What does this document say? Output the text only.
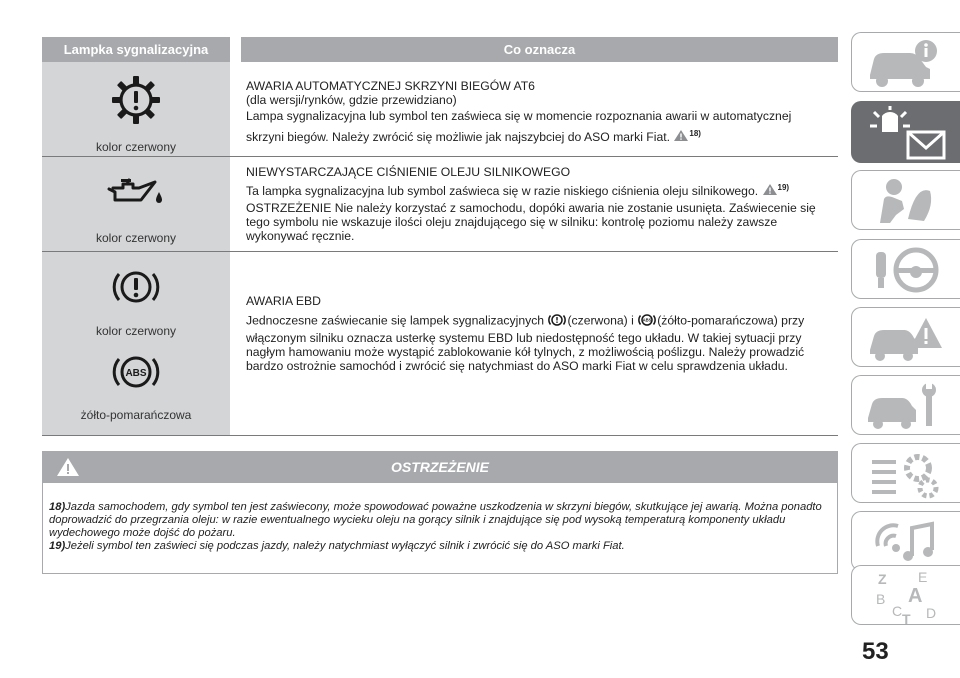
Lampka sygnalizacyjna	Co oznacza
kolor czerwony

AWARIA AUTOMATYCZNEJ SKRZYNI BIEGÓW AT6

(dla wersji/rynków, gdzie przewidziano)

Lampa sygnalizacyjna lub symbol ten zaświeca się w momencie rozpoznania awarii w automatycznej skrzyni biegów. Należy zwrócić się możliwie jak najszybciej do ASO marki Fiat. $^{18)}$

kolor czerwony

NIEWYSTARCZAJĄCE CIŚNIENIE OLEJU SILNIKOWEGO

Ta lampka sygnalizacyjna lub symbol zaświeca się w razie niskiego ciśnienia oleju silnikowego. $^{19)}$

OSTRZEŻENIE Nie należy korzystać z samochodu, dopóki awaria nie zostanie usunięta. Zaświecenie się tego symbolu nie wskazuje ilości oleju znajdującego się w silniku: kontrolę poziomu należy zawsze wykonywać ręcznie.

kolor czerwony
ABS
żółto-pomarańczowa

AWARIA EBD

Jednoczesne zaświecanie się lampek sygnalizacyjnych (czerwona) i ABS (żółto-pomarańczowa) przy włączonym silniku oznacza usterkę systemu EBD lub niedostępność tego układu. W takiej sytuacji przy nagłym hamowaniu może wystąpić zablokowanie kół tylnych, z możliwością poślizgu. Należy prowadzić bardzo ostrożnie samochód i zwrócić się natychmiast do ASO marki Fiat w celu sprawdzenia układu.

OSTRZEŻENIE

18)Jazda samochodem, gdy symbol ten jest zaświecony, może spowodować poważne uszkodzenia w skrzyni biegów, skutkujące jej awarią. Można ponadto doprowadzić do przegrzania oleju: w razie ewentualnego wycieku oleju na gorący silnik i znajdujące się pod wysoką temperaturą komponenty układu wydechowego może dojść do pożaru.

19)Jeżeli symbol ten zaświeci się podczas jazdy, należy natychmiast wyłączyć silnik i zwrócić się do ASO marki Fiat.

Z E
B A
C D
T
53
